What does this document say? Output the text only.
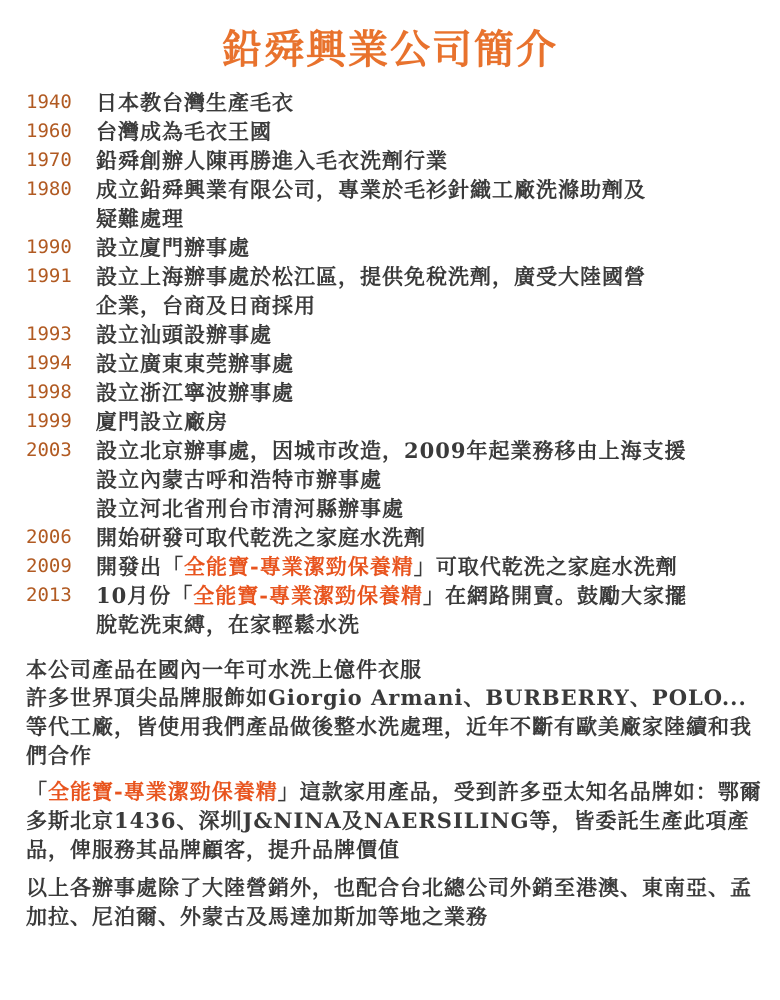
鉛舜興業公司簡介
1940	日本教台灣生產毛衣
1960	台灣成為毛衣王國
1970	鉛舜創辦人陳再勝進入毛衣洗劑行業
1980	成立鉛舜興業有限公司，專業於毛衫針織工廠洗滌助劑及
疑難處理
1990	設立廈門辦事處
1991	設立上海辦事處於松江區，提供免稅洗劑，廣受大陸國營
企業，台商及日商採用
1993	設立汕頭設辦事處
1994	設立廣東東莞辦事處
1998	設立浙江寧波辦事處
1999	廈門設立廠房
2003	設立北京辦事處，因城市改造，2009年起業務移由上海支援
設立內蒙古呼和浩特市辦事處
設立河北省刑台市清河縣辦事處
2006	開始研發可取代乾洗之家庭水洗劑
2009	開發出「全能寶-專業潔勁保養精」可取代乾洗之家庭水洗劑
2013	10月份「全能寶-專業潔勁保養精」在網路開賣。鼓勵大家擺
脫乾洗束縛，在家輕鬆水洗
本公司產品在國內一年可水洗上億件衣服
許多世界頂尖品牌服飾如Giorgio Armani、BURBERRY、POLO...等代工廠，皆使用我們產品做後整水洗處理，近年不斷有歐美廠家陸續和我們合作
「全能寶-專業潔勁保養精」這款家用產品，受到許多亞太知名品牌如：鄂爾多斯北京1436、深圳J&NINA及NAERSILING等，皆委託生產此項產品，俾服務其品牌顧客，提升品牌價值
以上各辦事處除了大陸營銷外，也配合台北總公司外銷至港澳、東南亞、孟加拉、尼泊爾、外蒙古及馬達加斯加等地之業務
